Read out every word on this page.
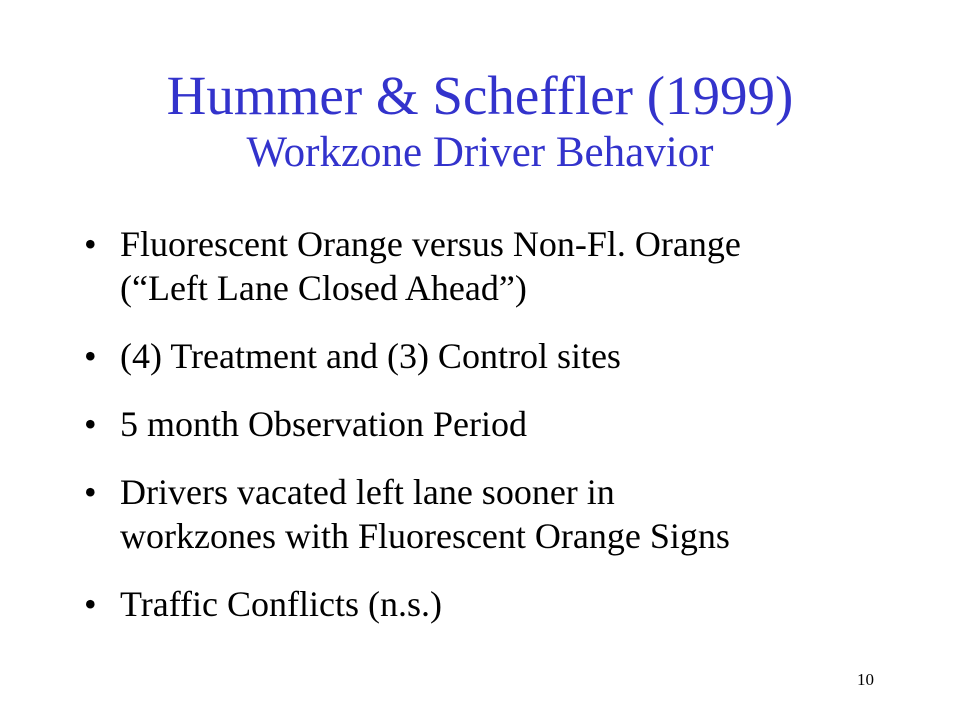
Hummer & Scheffler (1999)
Workzone Driver Behavior
• Fluorescent Orange versus Non-Fl. Orange
(“Left Lane Closed Ahead”)
• (4) Treatment and (3) Control sites
• 5 month Observation Period
• Drivers vacated left lane sooner in
workzones with Fluorescent Orange Signs
• Traffic Conflicts (n.s.)
10
